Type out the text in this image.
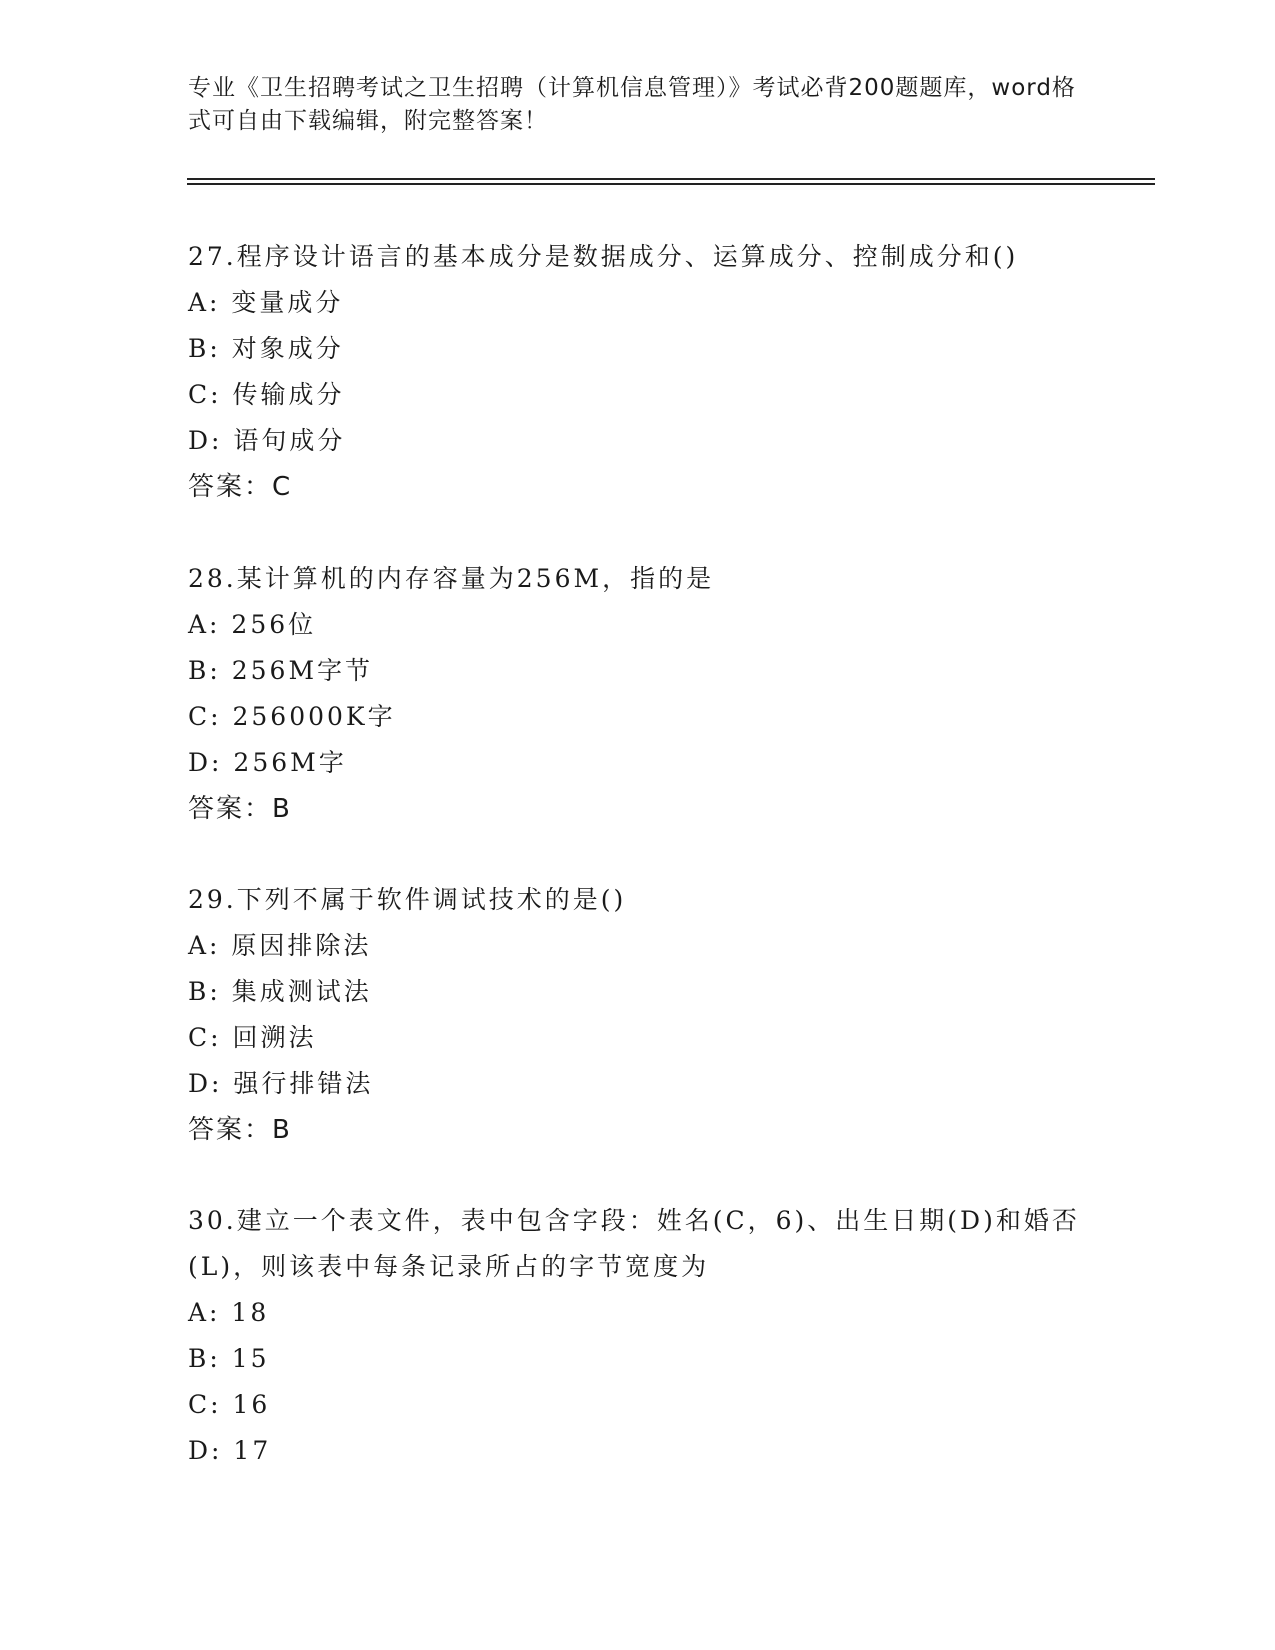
专业《卫生招聘考试之卫生招聘（计算机信息管理）》考试必背200题题库，word格式可自由下载编辑，附完整答案！
27.程序设计语言的基本成分是数据成分、运算成分、控制成分和()
A: 变量成分
B: 对象成分
C: 传输成分
D: 语句成分
答案：C
28.某计算机的内存容量为256M，指的是
A: 256位
B: 256M字节
C: 256000K字
D: 256M字
答案：B
29.下列不属于软件调试技术的是()
A: 原因排除法
B: 集成测试法
C: 回溯法
D: 强行排错法
答案：B
30.建立一个表文件，表中包含字段：姓名(C，6)、出生日期(D)和婚否(L)，则该表中每条记录所占的字节宽度为
A: 18
B: 15
C: 16
D: 17
